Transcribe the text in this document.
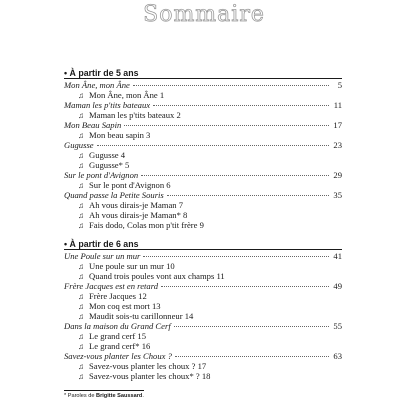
Sommaire
• À partir de 5 ans
Mon Âne, mon Âne	5
♫ Mon Âne, mon Âne 1
Maman les p'tits bateaux	11
♫ Maman les p'tits bateaux 2
Mon Beau Sapin	17
♫ Mon beau sapin 3
Gugusse	23
♫ Gugusse 4
♫ Gugusse* 5
Sur le pont d'Avignon	29
♫ Sur le pont d'Avignon 6
Quand passe la Petite Souris	35
♫ Ah vous dirais-je Maman 7
♫ Ah vous dirais-je Maman* 8
♫ Fais dodo, Colas mon p'tit frère 9
• À partir de 6 ans
Une Poule sur un mur	41
♫ Une poule sur un mur 10
♫ Quand trois poules vont aux champs 11
Frère Jacques est en retard	49
♫ Frère Jacques 12
♫ Mon coq est mort 13
♫ Maudit sois-tu carillonneur 14
Dans la maison du Grand Cerf	55
♫ Le grand cerf 15
♫ Le grand cerf* 16
Savez-vous planter les Choux ?	63
♫ Savez-vous planter les choux ? 17
♫ Savez-vous planter les choux* ? 18
* Paroles de Brigitte Saussard.
